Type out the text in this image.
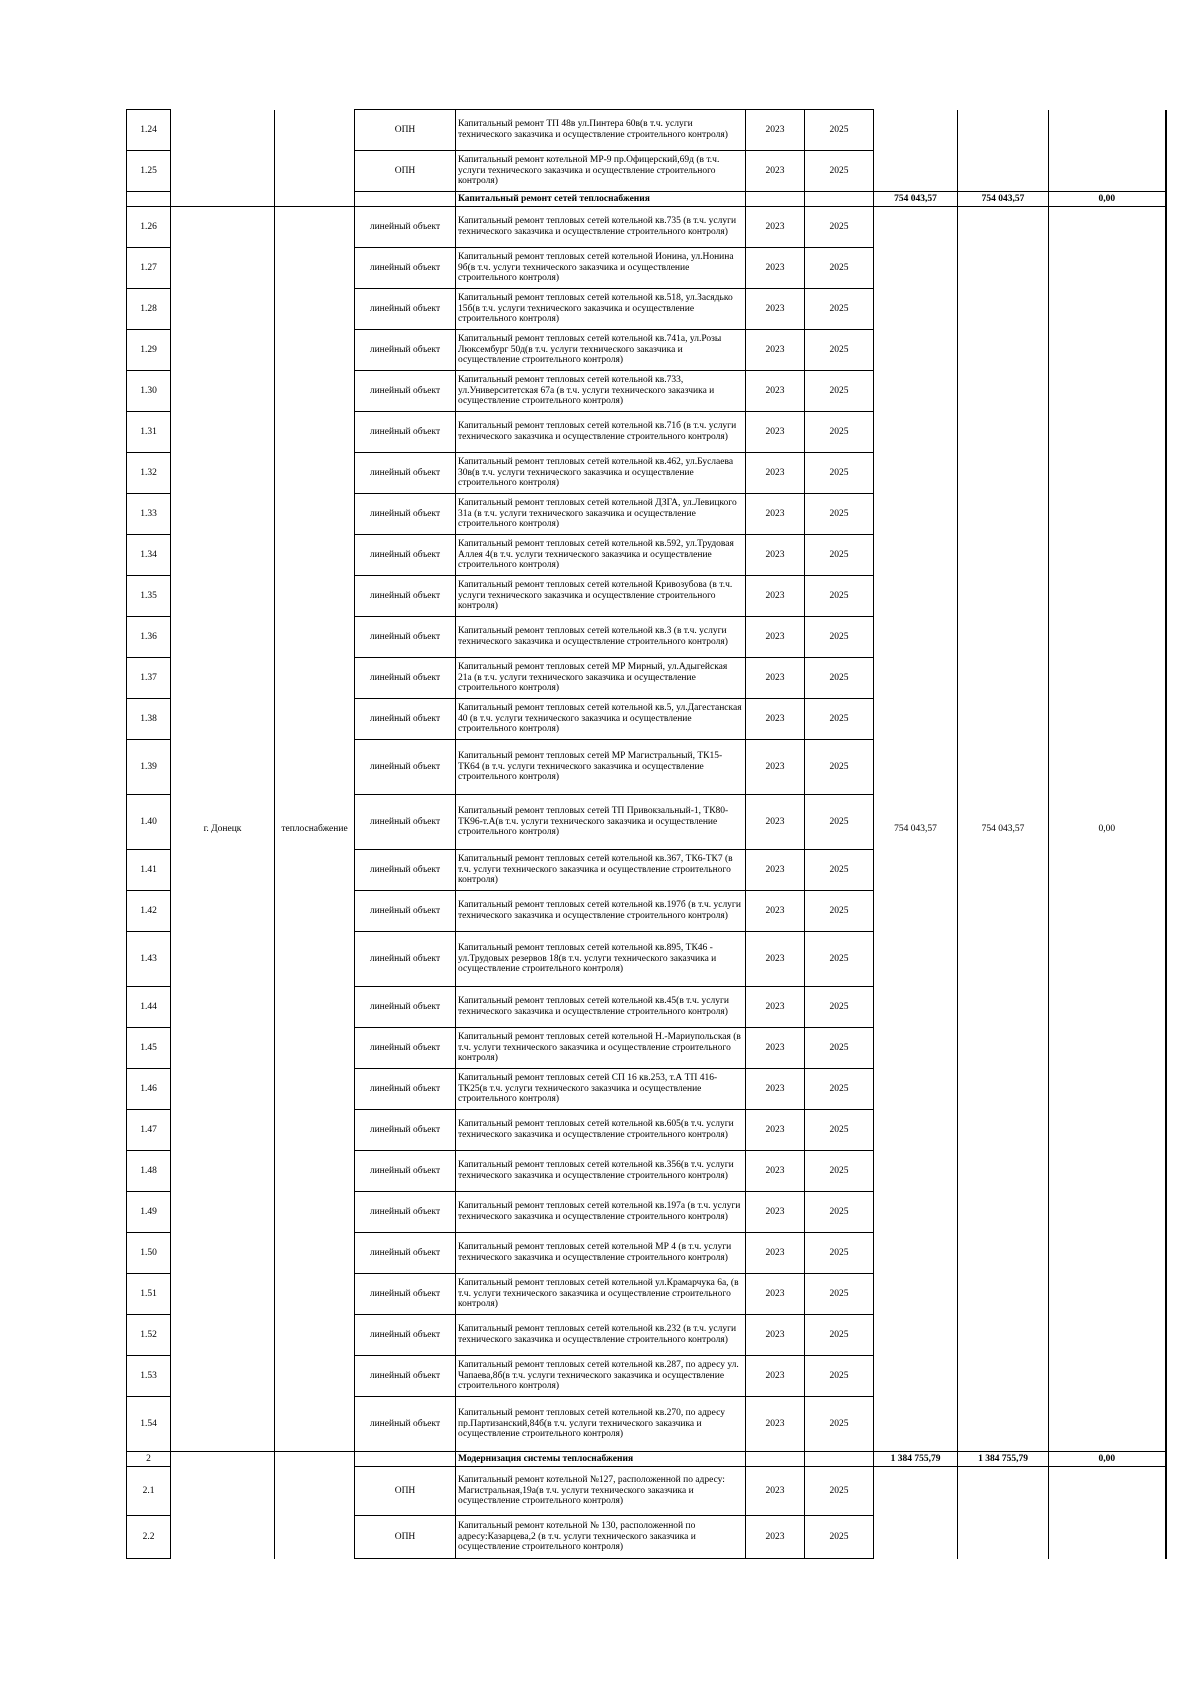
1.24			ОПН	Капитальный ремонт ТП 48в ул.Пинтера 60в(в т.ч. услуги технического заказчика и осуществление строительного контроля)	2023	2025			
1.25			ОПН	Капитальный ремонт котельной МР-9 пр.Офицерский,69д (в т.ч. услуги технического заказчика и осуществление строительного контроля)	2023	2025			
				Капитальный ремонт сетей теплоснабжения			754 043,57	754 043,57	0,00
1.26	г. Донецк	теплоснабжение	линейный объект	Капитальный ремонт тепловых сетей котельной кв.735 (в т.ч. услуги технического заказчика и осуществление строительного контроля)	2023	2025	754 043,57	754 043,57	0,00
1.27			линейный объект	Капитальный ремонт тепловых сетей котельной Ионина, ул.Нонина 9б(в т.ч. услуги технического заказчика и осуществление строительного контроля)	2023	2025			
1.28			линейный объект	Капитальный ремонт тепловых сетей котельной кв.518, ул.Засядько 15б(в т.ч. услуги технического заказчика и осуществление строительного контроля)	2023	2025			
1.29			линейный объект	Капитальный ремонт тепловых сетей котельной кв.741а, ул.Розы Люксембург 50д(в т.ч. услуги технического заказчика и осуществление строительного контроля)	2023	2025			
1.30			линейный объект	Капитальный ремонт тепловых сетей котельной кв.733, ул.Университетская 67а (в т.ч. услуги технического заказчика и осуществление строительного контроля)	2023	2025			
1.31			линейный объект	Капитальный ремонт тепловых сетей котельной кв.71б (в т.ч. услуги технического заказчика и осуществление строительного контроля)	2023	2025			
1.32			линейный объект	Капитальный ремонт тепловых сетей котельной кв.462, ул.Буслаева 30в(в т.ч. услуги технического заказчика и осуществление строительного контроля)	2023	2025			
1.33			линейный объект	Капитальный ремонт тепловых сетей котельной ДЗГА, ул.Левицкого 31а (в т.ч. услуги технического заказчика и осуществление строительного контроля)	2023	2025			
1.34			линейный объект	Капитальный ремонт тепловых сетей котельной кв.592, ул.Трудовая Аллея 4(в т.ч. услуги технического заказчика и осуществление строительного контроля)	2023	2025			
1.35			линейный объект	Капитальный ремонт тепловых сетей котельной Кривозубова (в т.ч. услуги технического заказчика и осуществление строительного контроля)	2023	2025			
1.36			линейный объект	Капитальный ремонт тепловых сетей котельной кв.3 (в т.ч. услуги технического заказчика и осуществление строительного контроля)	2023	2025			
1.37			линейный объект	Капитальный ремонт тепловых сетей МР Мирный, ул.Адыгейская 21а (в т.ч. услуги технического заказчика и осуществление строительного контроля)	2023	2025			
1.38			линейный объект	Капитальный ремонт тепловых сетей котельной кв.5, ул.Дагестанская 40 (в т.ч. услуги технического заказчика и осуществление строительного контроля)	2023	2025			
1.39			линейный объект	Капитальный ремонт тепловых сетей МР Магистральный, ТК15-ТК64 (в т.ч. услуги технического заказчика и осуществление строительного контроля)	2023	2025			
1.40			линейный объект	Капитальный ремонт тепловых сетей ТП Привокзальный-1, ТК80-ТК96-т.А(в т.ч. услуги технического заказчика и осуществление строительного контроля)	2023	2025			
1.41			линейный объект	Капитальный ремонт тепловых сетей котельной кв.367, ТК6-ТК7 (в т.ч. услуги технического заказчика и осуществление строительного контроля)	2023	2025			
1.42			линейный объект	Капитальный ремонт тепловых сетей котельной кв.197б (в т.ч. услуги технического заказчика и осуществление строительного контроля)	2023	2025			
1.43			линейный объект	Капитальный ремонт тепловых сетей котельной кв.895, ТК46 - ул.Трудовых резервов 18(в т.ч. услуги технического заказчика и осуществление строительного контроля)	2023	2025			
1.44			линейный объект	Капитальный ремонт тепловых сетей котельной кв.45(в т.ч. услуги технического заказчика и осуществление строительного контроля)	2023	2025			
1.45			линейный объект	Капитальный ремонт тепловых сетей котельной Н.-Мариупольская (в т.ч. услуги технического заказчика и осуществление строительного контроля)	2023	2025			
1.46			линейный объект	Капитальный ремонт тепловых сетей СП 16 кв.253, т.А ТП 416-ТК25(в т.ч. услуги технического заказчика и осуществление строительного контроля)	2023	2025			
1.47			линейный объект	Капитальный ремонт тепловых сетей котельной кв.605(в т.ч. услуги технического заказчика и осуществление строительного контроля)	2023	2025			
1.48			линейный объект	Капитальный ремонт тепловых сетей котельной кв.356(в т.ч. услуги технического заказчика и осуществление строительного контроля)	2023	2025			
1.49			линейный объект	Капитальный ремонт тепловых сетей котельной кв.197а (в т.ч. услуги технического заказчика и осуществление строительного контроля)	2023	2025			
1.50			линейный объект	Капитальный ремонт тепловых сетей котельной МР 4 (в т.ч. услуги технического заказчика и осуществление строительного контроля)	2023	2025			
1.51			линейный объект	Капитальный ремонт тепловых сетей котельной ул.Крамарчука 6а, (в т.ч. услуги технического заказчика и осуществление строительного контроля)	2023	2025			
1.52			линейный объект	Капитальный ремонт тепловых сетей котельной кв.232 (в т.ч. услуги технического заказчика и осуществление строительного контроля)	2023	2025			
1.53			линейный объект	Капитальный ремонт тепловых сетей котельной кв.287, по адресу ул. Чапаева,8б(в т.ч. услуги технического заказчика и осуществление строительного контроля)	2023	2025			
1.54			линейный объект	Капитальный ремонт тепловых сетей котельной кв.270, по адресу пр.Партизанский,84б(в т.ч. услуги технического заказчика и осуществление строительного контроля)	2023	2025			
2				Модернизация системы теплоснабжения			1 384 755,79	1 384 755,79	0,00
2.1			ОПН	Капитальный ремонт котельной №127, расположенной по адресу: Магистральная,19а(в т.ч. услуги технического заказчика и осуществление строительного контроля)	2023	2025			
2.2			ОПН	Капитальный ремонт котельной № 130, расположенной по адресу:Казарцева,2 (в т.ч. услуги технического заказчика и осуществление строительного контроля)	2023	2025			
